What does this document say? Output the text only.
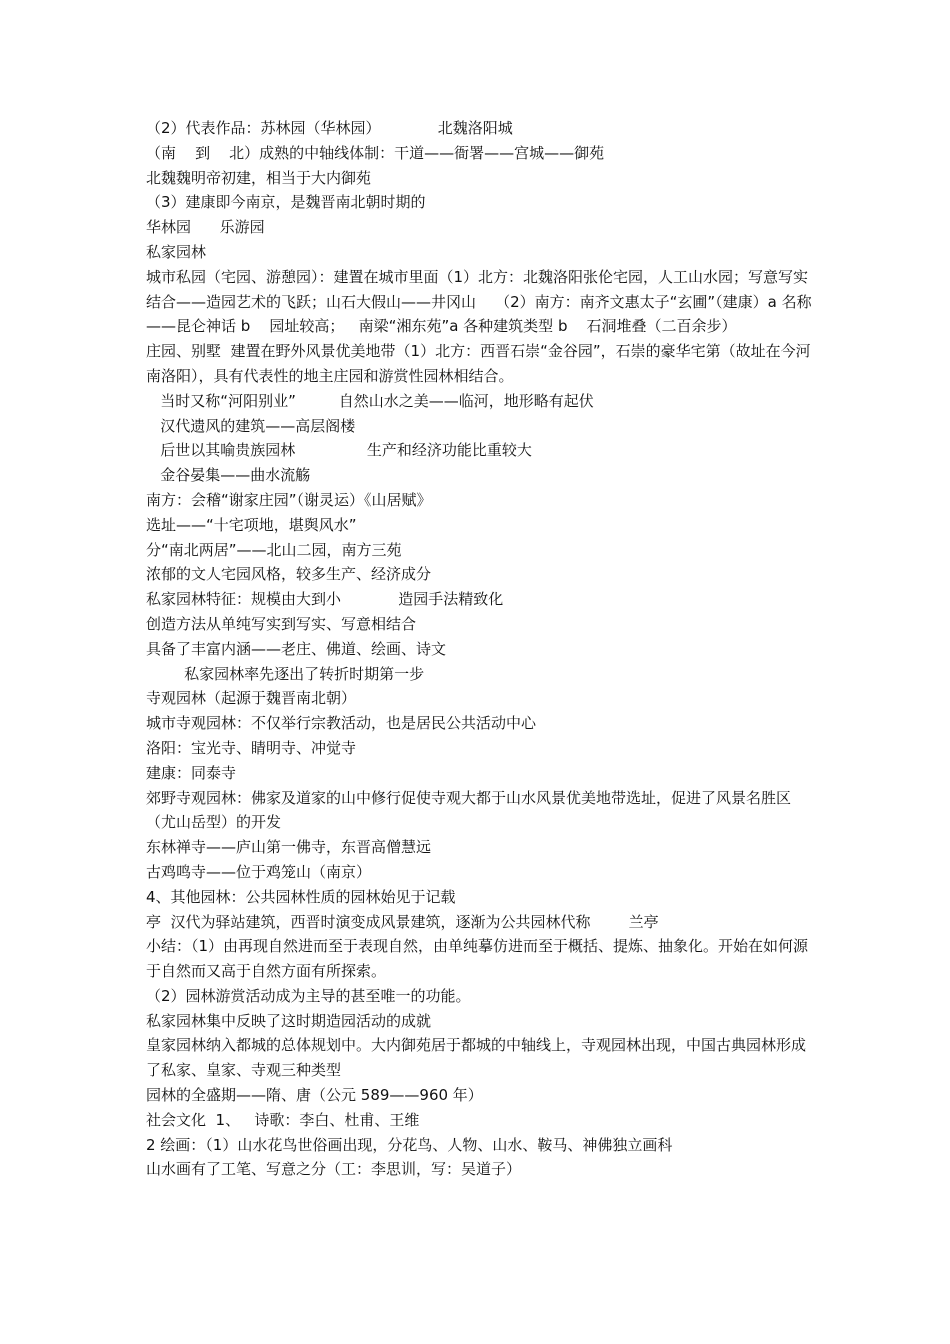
（2）代表作品：苏林园（华林园）            北魏洛阳城
（南    到    北）成熟的中轴线体制：干道——衙署——宫城——御苑
北魏魏明帝初建，相当于大内御苑
（3）建康即今南京，是魏晋南北朝时期的
华林园      乐游园
私家园林
城市私园（宅园、游憩园）：建置在城市里面（1）北方：北魏洛阳张伦宅园，人工山水园；写意写实结合——造园艺术的飞跃；山石大假山——井冈山    （2）南方：南齐文惠太子“玄圃”（建康）a 名称——昆仑神话 b    园址较高；   南梁“湘东苑”a 各种建筑类型 b    石洞堆叠（二百余步）
庄园、别墅  建置在野外风景优美地带（1）北方：西晋石崇“金谷园”，石崇的豪华宅第（故址在今河南洛阳），具有代表性的地主庄园和游赏性园林相结合。
当时又称“河阳别业”         自然山水之美——临河，地形略有起伏
汉代遗风的建筑——高层阁楼
后世以其喻贵族园林               生产和经济功能比重较大
金谷晏集——曲水流觞
南方：会稽“谢家庄园”（谢灵运）《山居赋》
选址——“十宅项地，堪舆风水”
分“南北两居”——北山二园，南方三苑
浓郁的文人宅园风格，较多生产、经济成分
私家园林特征：规模由大到小            造园手法精致化
创造方法从单纯写实到写实、写意相结合
具备了丰富内涵——老庄、佛道、绘画、诗文
私家园林率先逐出了转折时期第一步
寺观园林（起源于魏晋南北朝）
城市寺观园林：不仅举行宗教活动，也是居民公共活动中心
洛阳：宝光寺、睛明寺、冲觉寺
建康：同泰寺
郊野寺观园林：佛家及道家的山中修行促使寺观大都于山水风景优美地带选址，促进了风景名胜区（尤山岳型）的开发
东林禅寺——庐山第一佛寺，东晋高僧慧远
古鸡鸣寺——位于鸡笼山（南京）
4、其他园林：公共园林性质的园林始见于记载
亭  汉代为驿站建筑，西晋时演变成风景建筑，逐渐为公共园林代称        兰亭
小结：（1）由再现自然进而至于表现自然，由单纯摹仿进而至于概括、提炼、抽象化。开始在如何源于自然而又高于自然方面有所探索。
（2）园林游赏活动成为主导的甚至唯一的功能。
私家园林集中反映了这时期造园活动的成就
皇家园林纳入都城的总体规划中。大内御苑居于都城的中轴线上，寺观园林出现，中国古典园林形成了私家、皇家、寺观三种类型
园林的全盛期——隋、唐（公元 589——960 年）
社会文化  1、   诗歌：李白、杜甫、王维
2 绘画：（1）山水花鸟世俗画出现，分花鸟、人物、山水、鞍马、神佛独立画科
山水画有了工笔、写意之分（工：李思训，写：吴道子）
